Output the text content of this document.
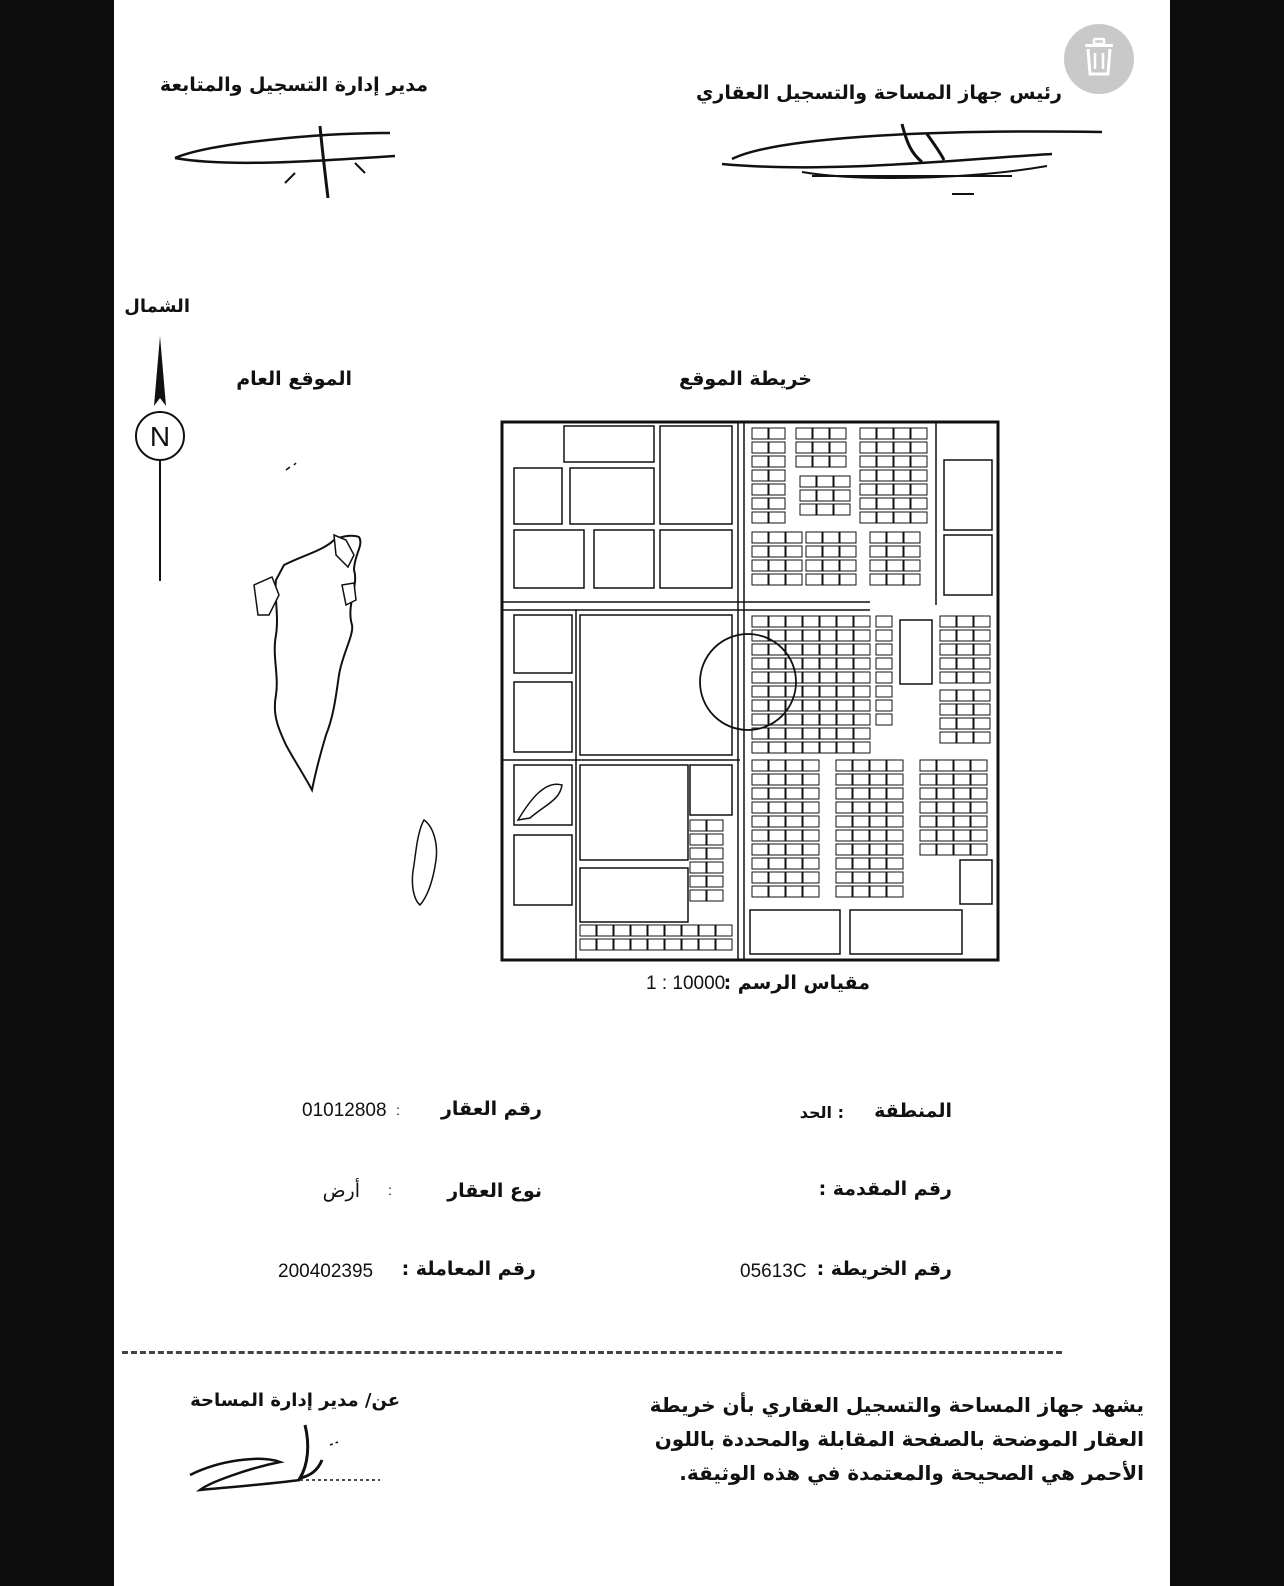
رئيس جهاز المساحة والتسجيل العقاري
مدير إدارة التسجيل والمتابعة
الشمال
N
الموقع العام	خريطة الموقع
مقياس الرسم :
1 : 10000
المنطقة
: الحد
رقم العقار
:
01012808
رقم المقدمة :
نوع العقار
:
أرض
رقم الخريطة :
05613C
رقم المعاملة :
200402395
يشهد جهاز المساحة والتسجيل العقاري بأن خريطة
العقار الموضحة بالصفحة المقابلة والمحددة باللون
الأحمر هي الصحيحة والمعتمدة في هذه الوثيقة.
عن/ مدير إدارة المساحة
